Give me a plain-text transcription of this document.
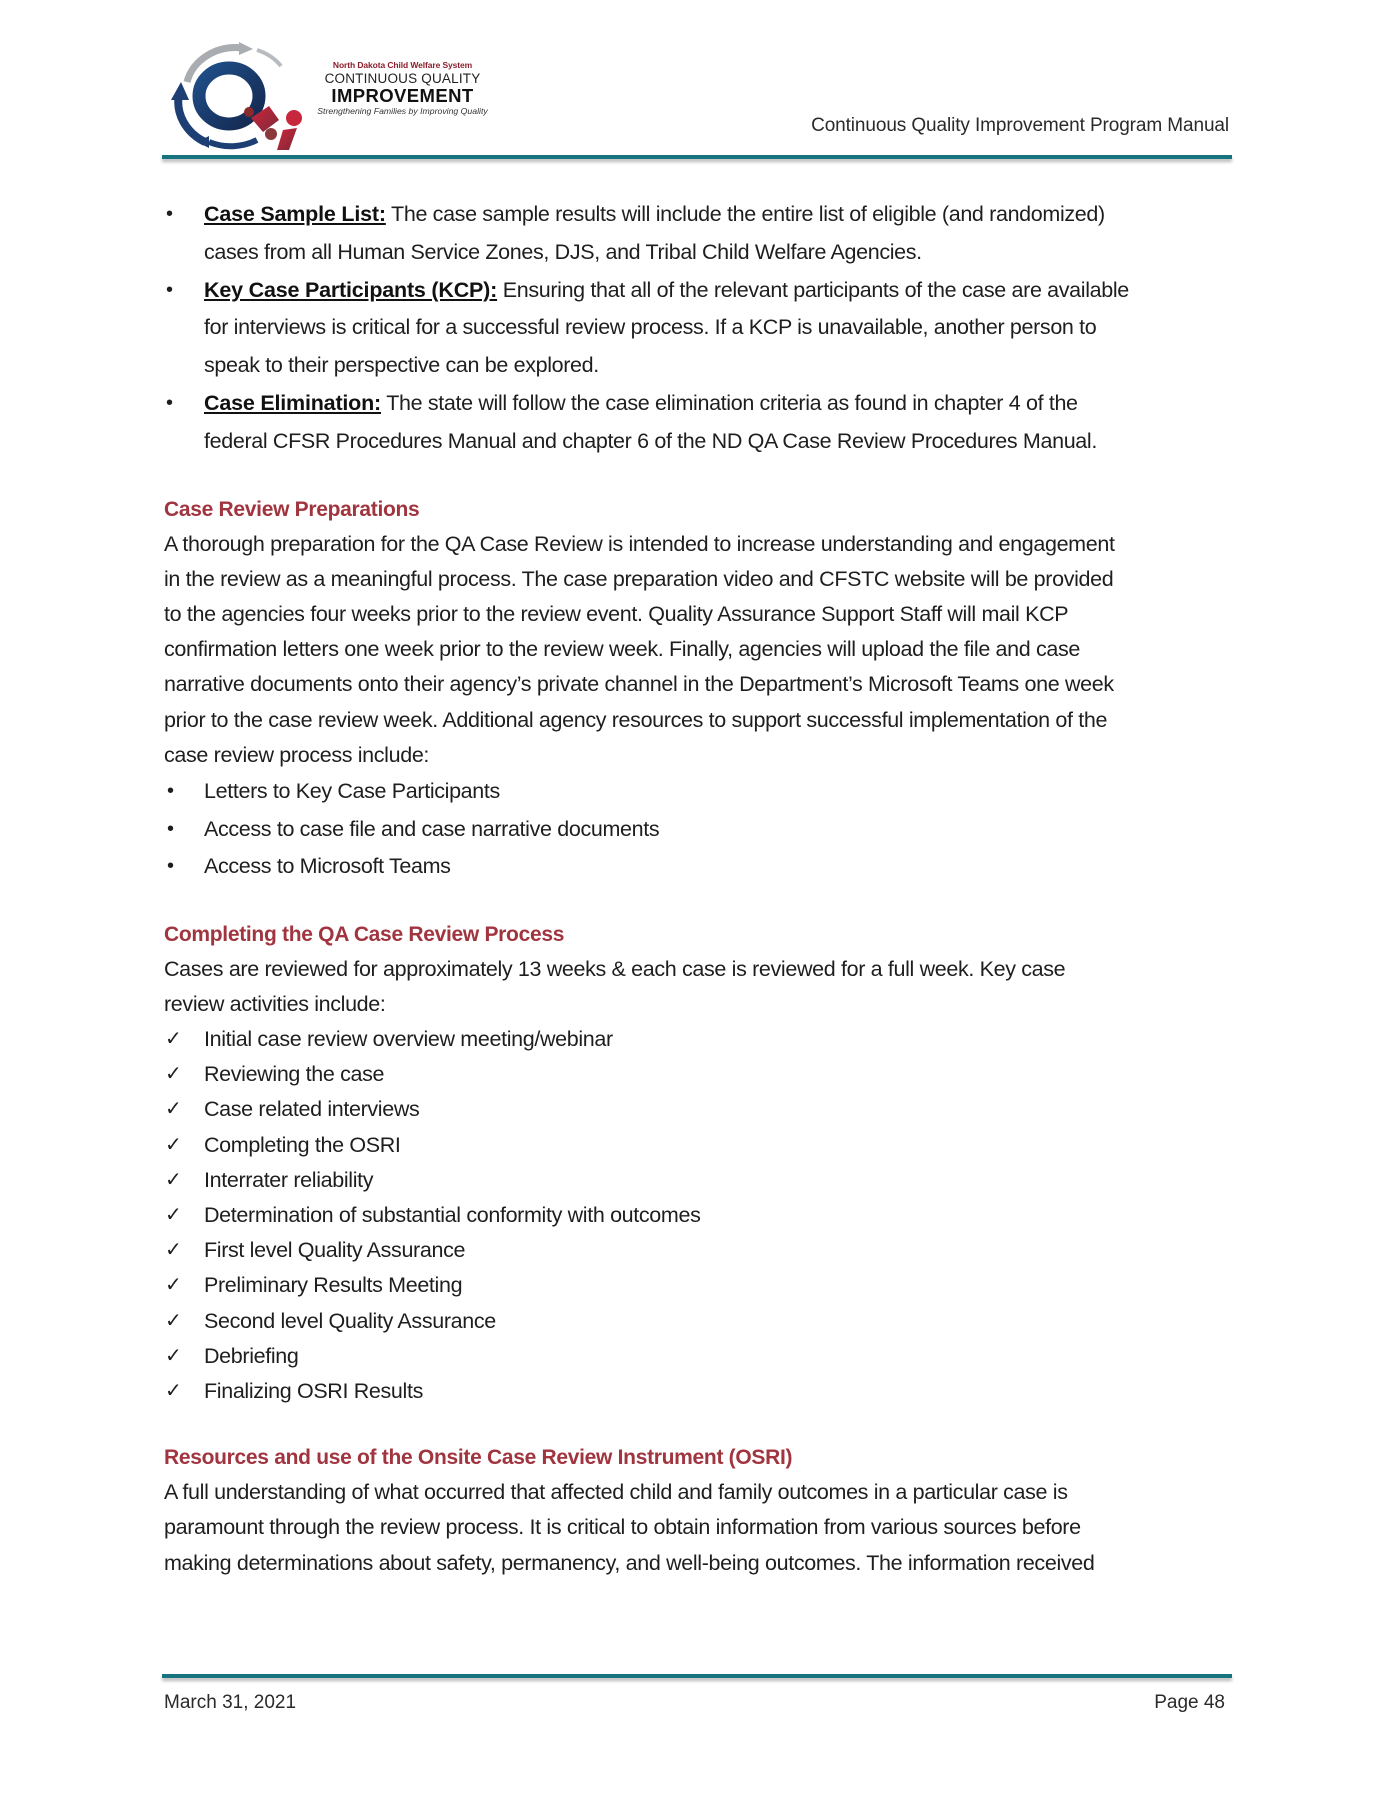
North Dakota Child Welfare System
CONTINUOUS QUALITY
IMPROVEMENT
Strengthening Families by Improving Quality
Continuous Quality Improvement Program Manual
• Case Sample List: The case sample results will include the entire list of eligible (and randomized)
cases from all Human Service Zones, DJS, and Tribal Child Welfare Agencies.
• Key Case Participants (KCP): Ensuring that all of the relevant participants of the case are available
for interviews is critical for a successful review process. If a KCP is unavailable, another person to
speak to their perspective can be explored.
• Case Elimination: The state will follow the case elimination criteria as found in chapter 4 of the
federal CFSR Procedures Manual and chapter 6 of the ND QA Case Review Procedures Manual.
Case Review Preparations

A thorough preparation for the QA Case Review is intended to increase understanding and engagement
in the review as a meaningful process. The case preparation video and CFSTC website will be provided
to the agencies four weeks prior to the review event. Quality Assurance Support Staff will mail KCP
confirmation letters one week prior to the review week. Finally, agencies will upload the file and case
narrative documents onto their agency’s private channel in the Department’s Microsoft Teams one week
prior to the case review week. Additional agency resources to support successful implementation of the
case review process include:

• Letters to Key Case Participants
• Access to case file and case narrative documents
• Access to Microsoft Teams
Completing the QA Case Review Process

Cases are reviewed for approximately 13 weeks & each case is reviewed for a full week. Key case
review activities include:

✓ Initial case review overview meeting/webinar
✓ Reviewing the case
✓ Case related interviews
✓ Completing the OSRI
✓ Interrater reliability
✓ Determination of substantial conformity with outcomes
✓ First level Quality Assurance
✓ Preliminary Results Meeting
✓ Second level Quality Assurance
✓ Debriefing
✓ Finalizing OSRI Results
Resources and use of the Onsite Case Review Instrument (OSRI)

A full understanding of what occurred that affected child and family outcomes in a particular case is
paramount through the review process. It is critical to obtain information from various sources before
making determinations about safety, permanency, and well-being outcomes. The information received

March 31, 2021	Page 48
